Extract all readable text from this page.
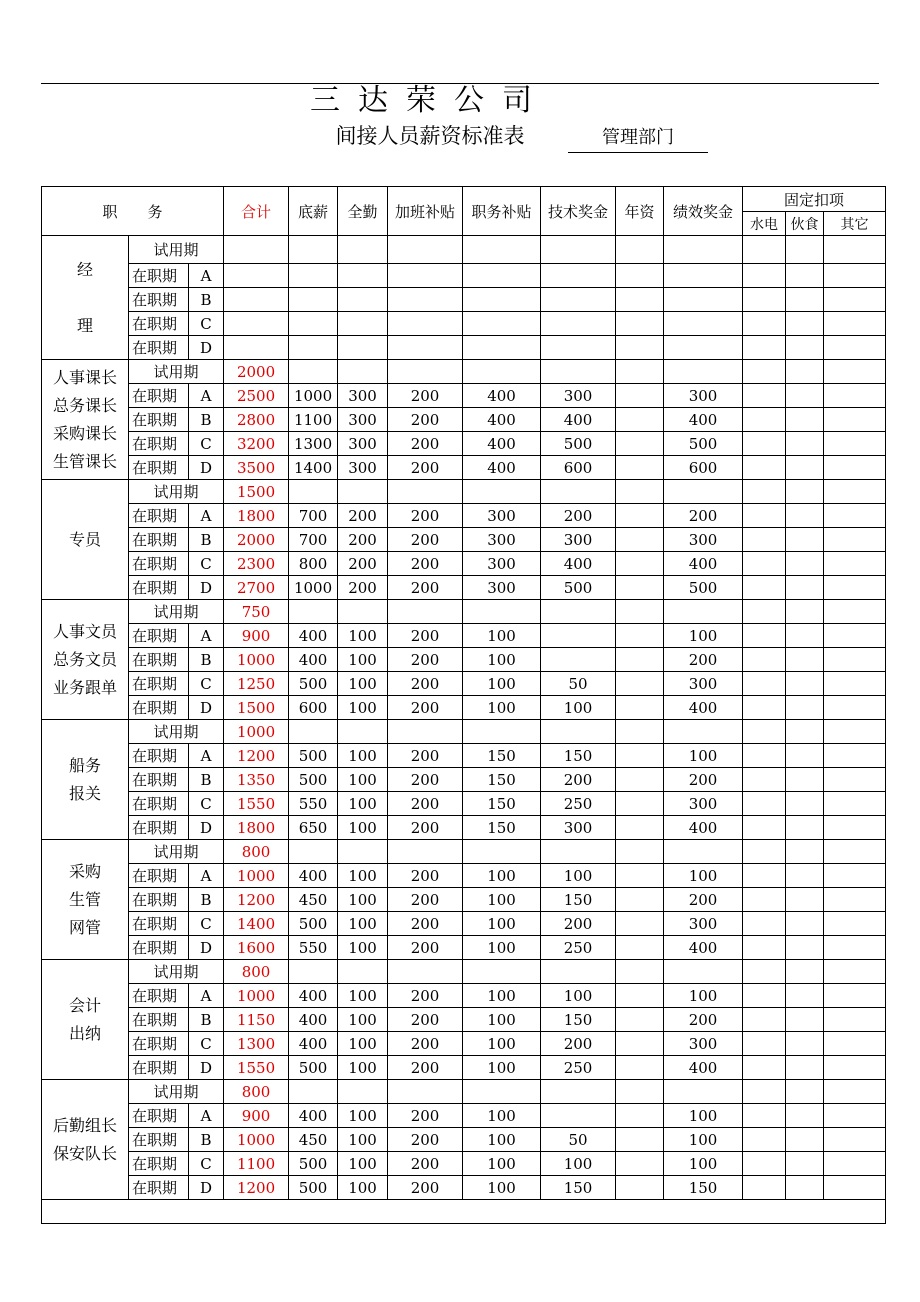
三达荣公司
间接人员薪资标准表	管理部门
职　　务			合计	底薪	全勤	加班补贴	职务补贴	技术奖金	年资	绩效奖金	固定扣项		
											水电	伙食	其它

经
理	试用期												
	在职期	A											
	在职期	B											
	在职期	C											
	在职期	D											

人事课长
总务课长
采购课长
生管课长	试用期		2000										
	在职期	A	2500	1000	300	200	400	300		300			
	在职期	B	2800	1100	300	200	400	400		400			
	在职期	C	3200	1300	300	200	400	500		500			
	在职期	D	3500	1400	300	200	400	600		600			

专员	试用期		1500										
	在职期	A	1800	700	200	200	300	200		200			
	在职期	B	2000	700	200	200	300	300		300			
	在职期	C	2300	800	200	200	300	400		400			
	在职期	D	2700	1000	200	200	300	500		500			

人事文员
总务文员
业务跟单	试用期		750										
	在职期	A	900	400	100	200	100			100			
	在职期	B	1000	400	100	200	100			200			
	在职期	C	1250	500	100	200	100	50		300			
	在职期	D	1500	600	100	200	100	100		400			

船务
报关	试用期		1000										
	在职期	A	1200	500	100	200	150	150		100			
	在职期	B	1350	500	100	200	150	200		200			
	在职期	C	1550	550	100	200	150	250		300			
	在职期	D	1800	650	100	200	150	300		400			

采购
生管
网管	试用期		800										
	在职期	A	1000	400	100	200	100	100		100			
	在职期	B	1200	450	100	200	100	150		200			
	在职期	C	1400	500	100	200	100	200		300			
	在职期	D	1600	550	100	200	100	250		400			

会计
出纳	试用期		800										
	在职期	A	1000	400	100	200	100	100		100			
	在职期	B	1150	400	100	200	100	150		200			
	在职期	C	1300	400	100	200	100	200		300			
	在职期	D	1550	500	100	200	100	250		400			

后勤组长
保安队长	试用期		800										
	在职期	A	900	400	100	200	100			100			
	在职期	B	1000	450	100	200	100	50		100			
	在职期	C	1100	500	100	200	100	100		100			
	在职期	D	1200	500	100	200	100	150		150			
